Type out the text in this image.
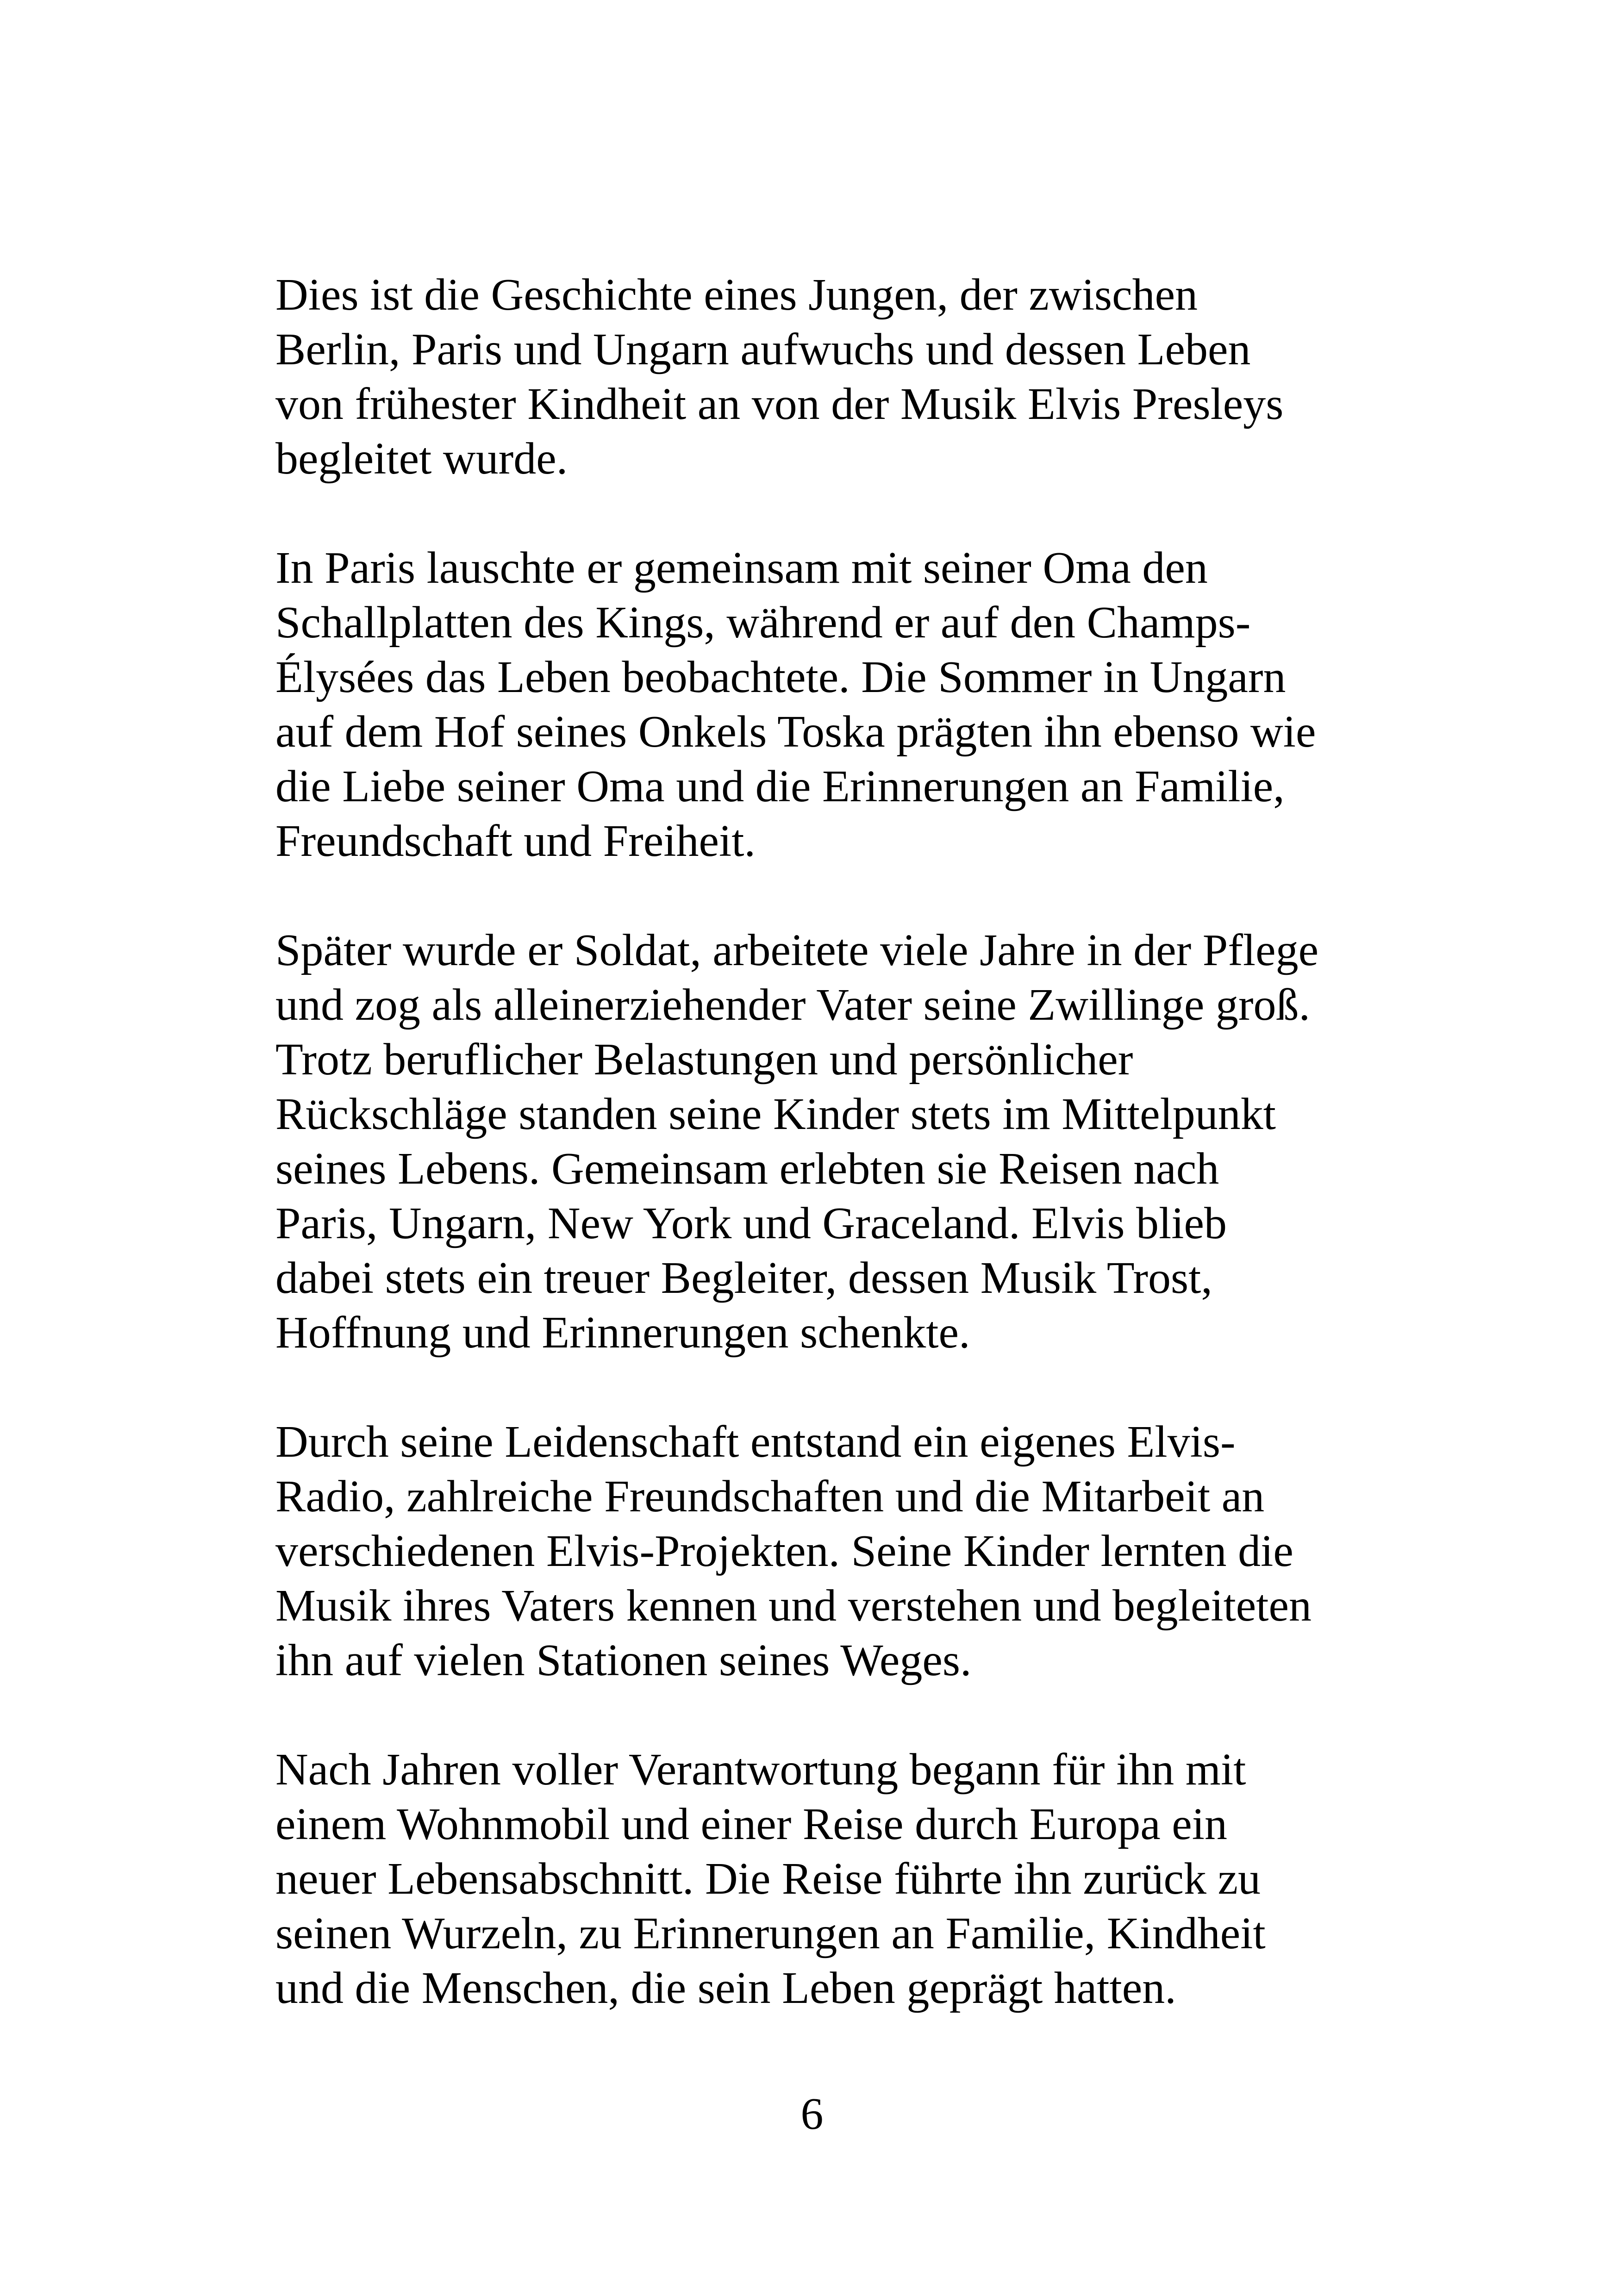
Dies ist die Geschichte eines Jungen, der zwischen
Berlin, Paris und Ungarn aufwuchs und dessen Leben
von frühester Kindheit an von der Musik Elvis Presleys
begleitet wurde.

In Paris lauschte er gemeinsam mit seiner Oma den
Schallplatten des Kings, während er auf den Champs-
Élysées das Leben beobachtete. Die Sommer in Ungarn
auf dem Hof seines Onkels Toska prägten ihn ebenso wie
die Liebe seiner Oma und die Erinnerungen an Familie,
Freundschaft und Freiheit.

Später wurde er Soldat, arbeitete viele Jahre in der Pflege
und zog als alleinerziehender Vater seine Zwillinge groß.
Trotz beruflicher Belastungen und persönlicher
Rückschläge standen seine Kinder stets im Mittelpunkt
seines Lebens. Gemeinsam erlebten sie Reisen nach
Paris, Ungarn, New York und Graceland. Elvis blieb
dabei stets ein treuer Begleiter, dessen Musik Trost,
Hoffnung und Erinnerungen schenkte.

Durch seine Leidenschaft entstand ein eigenes Elvis-
Radio, zahlreiche Freundschaften und die Mitarbeit an
verschiedenen Elvis-Projekten. Seine Kinder lernten die
Musik ihres Vaters kennen und verstehen und begleiteten
ihn auf vielen Stationen seines Weges.

Nach Jahren voller Verantwortung begann für ihn mit
einem Wohnmobil und einer Reise durch Europa ein
neuer Lebensabschnitt. Die Reise führte ihn zurück zu
seinen Wurzeln, zu Erinnerungen an Familie, Kindheit
und die Menschen, die sein Leben geprägt hatten.

6
